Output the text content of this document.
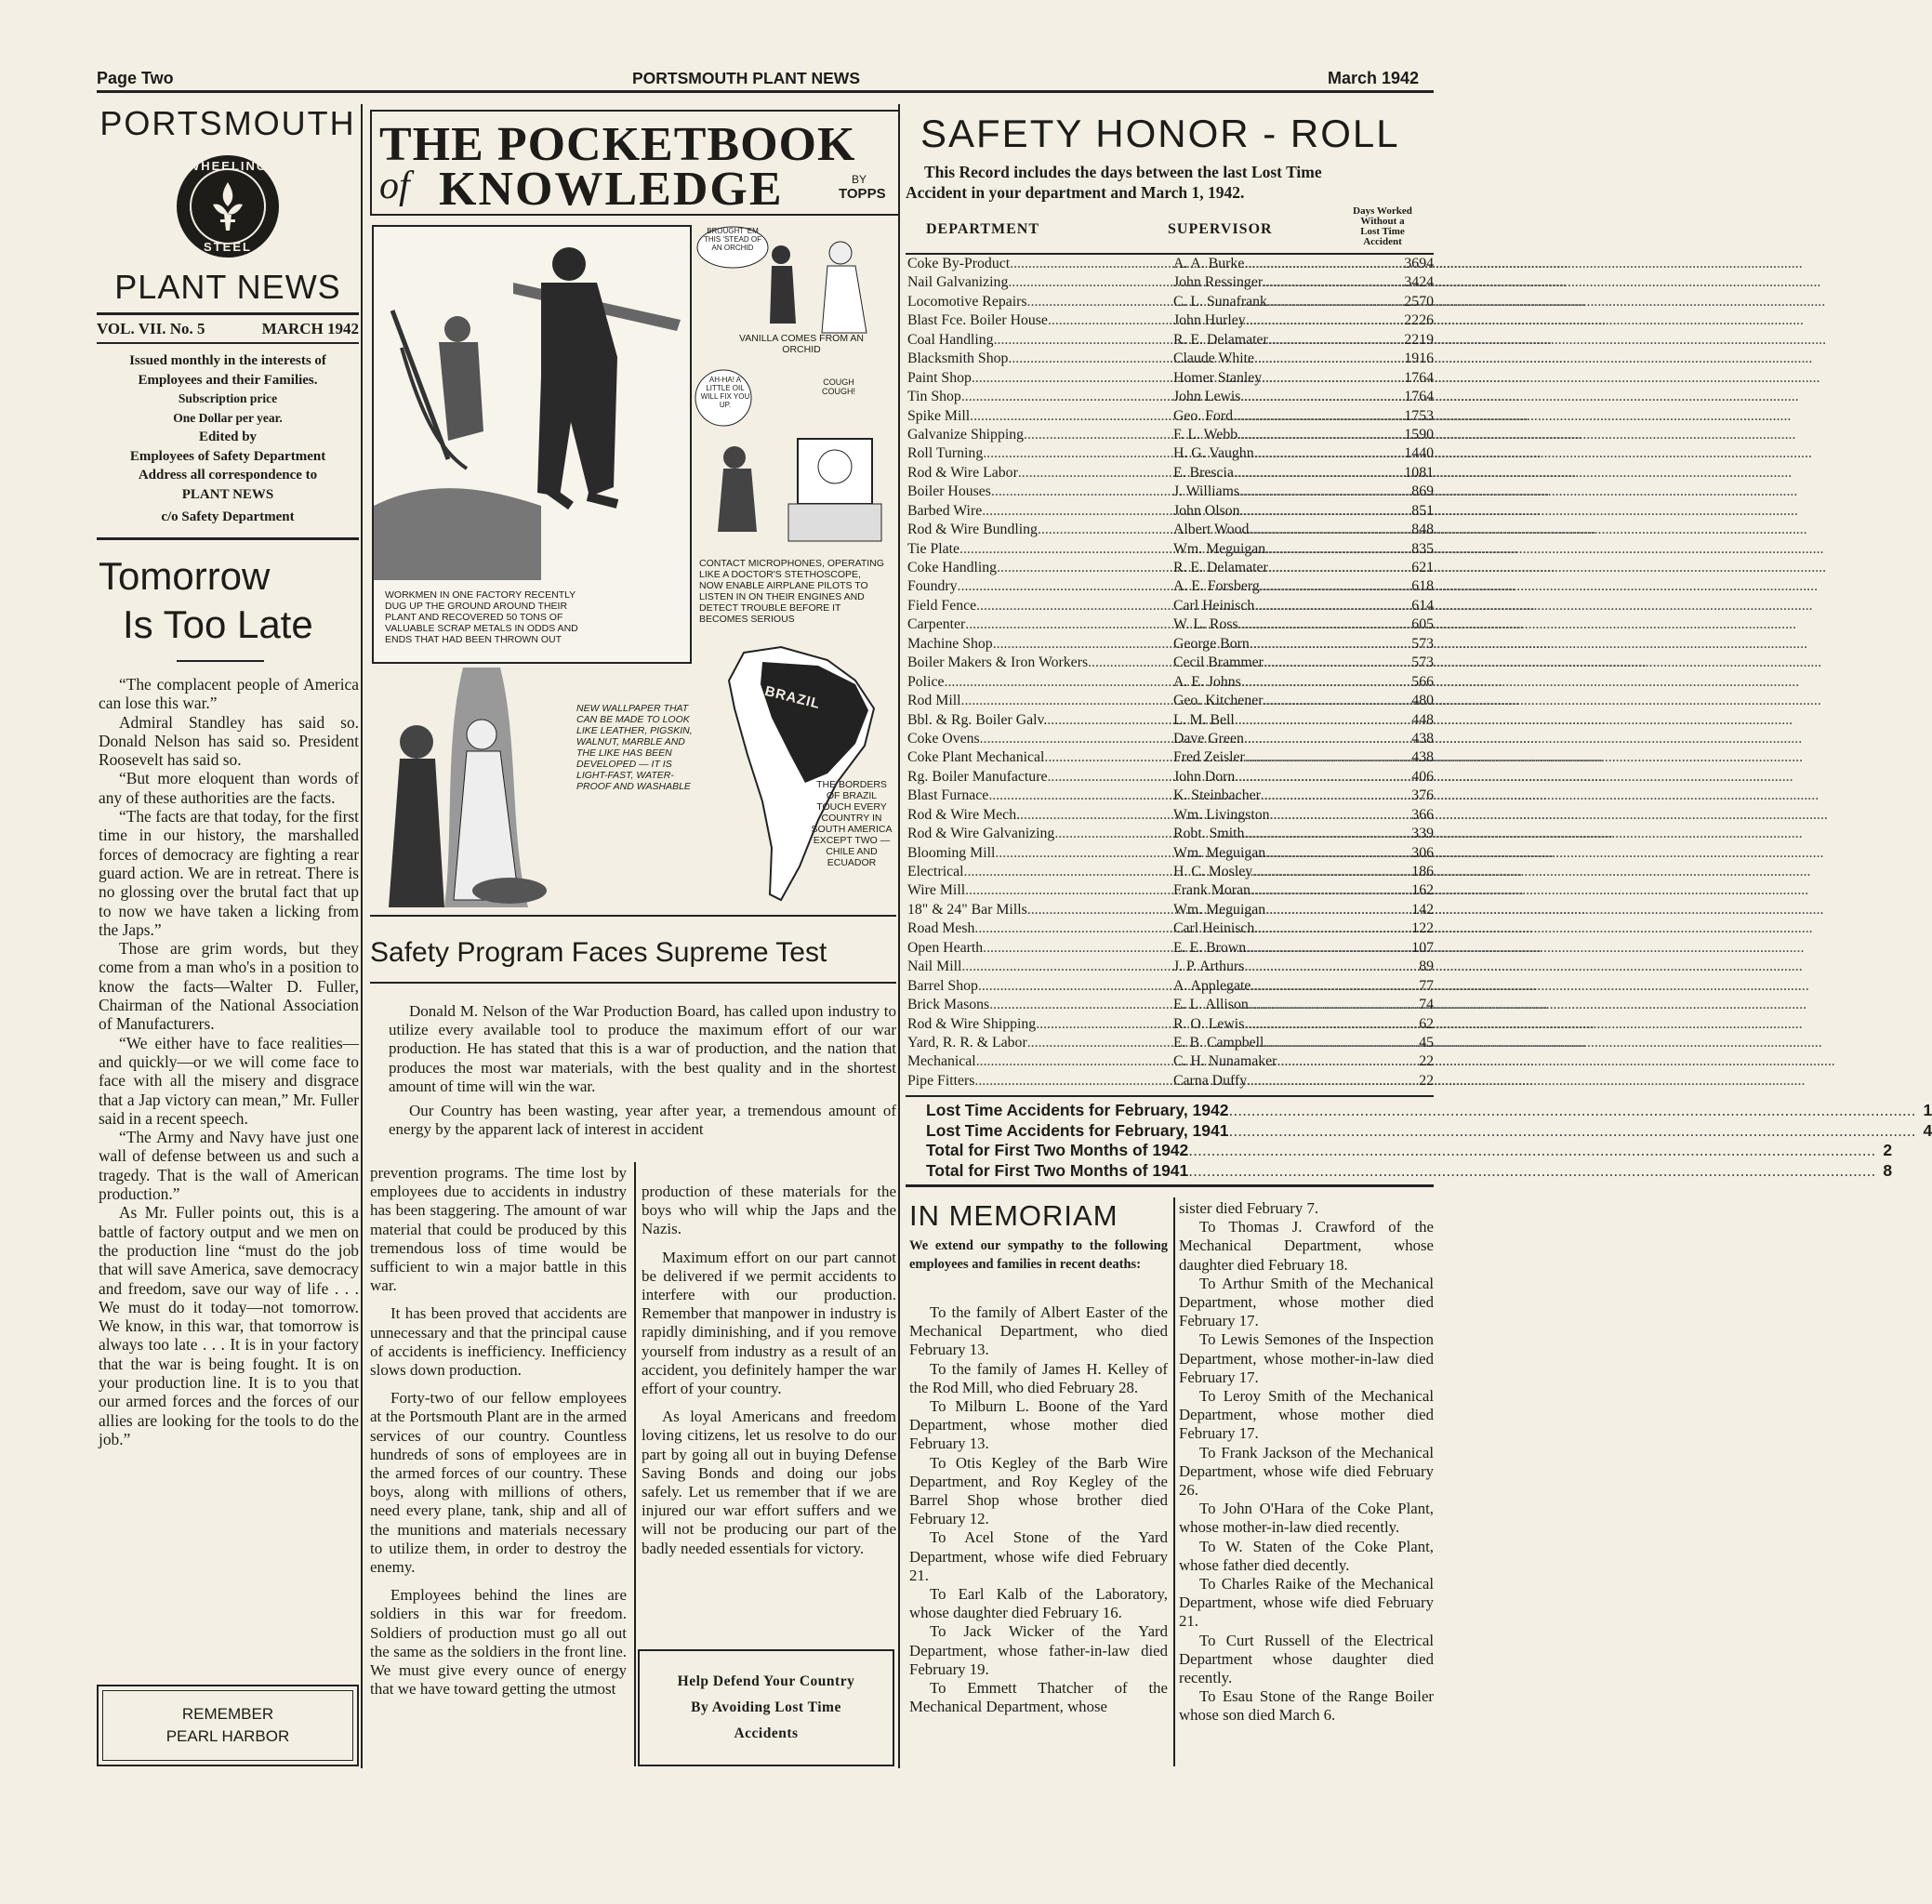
Page Two	PORTSMOUTH PLANT NEWS	March 1942
PORTSMOUTH
WHEELING
STEEL
PLANT NEWS
VOL. VII. No. 5	MARCH 1942
Issued monthly in the interests of
Employees and their Families.
Subscription price
One Dollar per year.
Edited by
Employees of Safety Department
Address all correspondence to
PLANT NEWS
c/o Safety Department
Tomorrow
Is Too Late

“The complacent people of America can lose this war.”

Admiral Standley has said so. Donald Nelson has said so. President Roosevelt has said so.

“But more eloquent than words of any of these authorities are the facts.

“The facts are that today, for the first time in our history, the marshalled forces of democracy are fighting a rear guard action. We are in retreat. There is no glossing over the brutal fact that up to now we have taken a licking from the Japs.”

Those are grim words, but they come from a man who's in a position to know the facts—Walter D. Fuller, Chairman of the National Association of Manufacturers.

“We either have to face realities—and quickly—or we will come face to face with all the misery and disgrace that a Jap victory can mean,” Mr. Fuller said in a recent speech.

“The Army and Navy have just one wall of defense between us and such a tragedy. That is the wall of American production.”

As Mr. Fuller points out, this is a battle of factory output and we men on the production line “must do the job that will save America, save democracy and freedom, save our way of life . . . We must do it today—not tomorrow. We know, in this war, that tomorrow is always too late . . . It is in your factory that the war is being fought. It is on your production line. It is to you that our armed forces and the forces of our allies are looking for the tools to do the job.”

REMEMBER
PEARL HARBOR
THE POCKETBOOK
of KNOWLEDGE	BY
TOPPS
WORKMEN IN ONE FACTORY RECENTLY DUG UP THE GROUND AROUND THEIR PLANT AND RECOVERED 50 TONS OF VALUABLE SCRAP METALS IN ODDS AND ENDS THAT HAD BEEN THROWN OUT
BROUGHT 'EM THIS 'STEAD OF AN ORCHID
VANILLA COMES FROM AN ORCHID
AH-HA! A LITTLE OIL WILL FIX YOU UP.
COUGH COUGH!
CONTACT MICROPHONES, OPERATING LIKE A DOCTOR'S STETHOSCOPE, NOW ENABLE AIRPLANE PILOTS TO LISTEN IN ON THEIR ENGINES AND DETECT TROUBLE BEFORE IT BECOMES SERIOUS
NEW WALLPAPER THAT CAN BE MADE TO LOOK LIKE LEATHER, PIGSKIN, WALNUT, MARBLE AND THE LIKE HAS BEEN DEVELOPED — IT IS LIGHT-FAST, WATER-PROOF AND WASHABLE
BRAZIL
THE BORDERS OF BRAZIL TOUCH EVERY COUNTRY IN SOUTH AMERICA EXCEPT TWO — CHILE AND ECUADOR
Safety Program Faces Supreme Test

Donald M. Nelson of the War Production Board, has called upon industry to utilize every available tool to produce the maximum effort of our war production. He has stated that this is a war of production, and the nation that produces the most war materials, with the best quality and in the shortest amount of time will win the war.

Our Country has been wasting, year after year, a tremendous amount of energy by the apparent lack of interest in accident

prevention programs. The time lost by employees due to accidents in industry has been staggering. The amount of war material that could be produced by this tremendous loss of time would be sufficient to win a major battle in this war.

It has been proved that accidents are unnecessary and that the principal cause of accidents is inefficiency. Inefficiency slows down production.

Forty-two of our fellow employees at the Portsmouth Plant are in the armed services of our country. Countless hundreds of sons of employees are in the armed forces of our country. These boys, along with millions of others, need every plane, tank, ship and all of the munitions and materials necessary to utilize them, in order to destroy the enemy.

Employees behind the lines are soldiers in this war for freedom. Soldiers of production must go all out the same as the soldiers in the front line. We must give every ounce of energy that we have toward getting the utmost

production of these materials for the boys who will whip the Japs and the Nazis.

Maximum effort on our part cannot be delivered if we permit accidents to interfere with our production. Remember that manpower in industry is rapidly diminishing, and if you remove yourself from industry as a result of an accident, you definitely hamper the war effort of your country.

As loyal Americans and freedom loving citizens, let us resolve to do our part by going all out in buying Defense Saving Bonds and doing our jobs safely. Let us remember that if we are injured our war effort suffers and we will not be producing our part of the badly needed essentials for victory.

Help Defend Your Country
By Avoiding Lost Time
Accidents
SAFETY HONOR - ROLL
This Record includes the days between the last Lost Time
Accident in your department and March 1, 1942.
DEPARTMENT	SUPERVISOR
Days Worked
Without a
Lost Time
Accident
Coke By-Product .....	A. A. Burke .....	3694
Nail Galvanizing .....	John Ressinger .....	3424
Locomotive Repairs .....	C. L. Sunafrank .....	2570
Blast Fce. Boiler House .....	John Hurley .....	2226
Coal Handling .....	R. E. Delamater .....	2219
Blacksmith Shop .....	Claude White .....	1916
Paint Shop .....	Homer Stanley .....	1764
Tin Shop .....	John Lewis .....	1764
Spike Mill .....	Geo. Ford .....	1753
Galvanize Shipping .....	F. L. Webb .....	1590
Roll Turning .....	H. G. Vaughn .....	1440
Rod & Wire Labor .....	E. Brescia .....	1081
Boiler Houses .....	J. Williams .....	869
Barbed Wire .....	John Olson .....	851
Rod & Wire Bundling .....	Albert Wood .....	848
Tie Plate .....	Wm. Meguigan .....	835
Coke Handling .....	R. E. Delamater .....	621
Foundry .....	A. E. Forsberg .....	618
Field Fence .....	Carl Heinisch .....	614
Carpenter .....	W. L. Ross .....	605
Machine Shop .....	George Born .....	573
Boiler Makers & Iron Workers .....	Cecil Brammer .....	573
Police .....	A. E. Johns .....	566
Rod Mill .....	Geo. Kitchener .....	480
Bbl. & Rg. Boiler Galv. .....	L. M. Bell .....	448
Coke Ovens .....	Dave Green .....	438
Coke Plant Mechanical .....	Fred Zeisler .....	438
Rg. Boiler Manufacture .....	John Dorn .....	406
Blast Furnace .....	K. Steinbacher .....	376
Rod & Wire Mech. .....	Wm. Livingston .....	366
Rod & Wire Galvanizing .....	Robt. Smith .....	339
Blooming Mill .....	Wm. Meguigan .....	306
Electrical .....	H. C. Mosley .....	186
Wire Mill .....	Frank Moran .....	162
18" & 24" Bar Mills .....	Wm. Meguigan .....	142
Road Mesh .....	Carl Heinisch .....	122
Open Hearth .....	E. E. Brown .....	107
Nail Mill .....	J. P. Arthurs .....	89
Barrel Shop .....	A. Applegate .....	77
Brick Masons .....	E. L. Allison .....	74
Rod & Wire Shipping .....	R. O. Lewis .....	62
Yard, R. R. & Labor .....	E. B. Campbell .....	45
Mechanical .....	C. H. Nunamaker .....	22
Pipe Fitters .....	Carna Duffy .....	22
Lost Time Accidents for February, 1942 .....	1
Lost Time Accidents for February, 1941 .....	4
Total for First Two Months of 1942 .....	2
Total for First Two Months of 1941 .....	8
IN MEMORIAM
We extend our sympathy to the following employees and families in recent deaths:

To the family of Albert Easter of the Mechanical Department, who died February 13.

To the family of James H. Kelley of the Rod Mill, who died February 28.

To Milburn L. Boone of the Yard Department, whose mother died February 13.

To Otis Kegley of the Barb Wire Department, and Roy Kegley of the Barrel Shop whose brother died February 12.

To Acel Stone of the Yard Department, whose wife died February 21.

To Earl Kalb of the Laboratory, whose daughter died February 16.

To Jack Wicker of the Yard Department, whose father-in-law died February 19.

To Emmett Thatcher of the Mechanical Department, whose

sister died February 7.

To Thomas J. Crawford of the Mechanical Department, whose daughter died February 18.

To Arthur Smith of the Mechanical Department, whose mother died February 17.

To Lewis Semones of the Inspection Department, whose mother-in-law died February 17.

To Leroy Smith of the Mechanical Department, whose mother died February 17.

To Frank Jackson of the Mechanical Department, whose wife died February 26.

To John O'Hara of the Coke Plant, whose mother-in-law died recently.

To W. Staten of the Coke Plant, whose father died decently.

To Charles Raike of the Mechanical Department, whose wife died February 21.

To Curt Russell of the Electrical Department whose daughter died recently.

To Esau Stone of the Range Boiler whose son died March 6.
